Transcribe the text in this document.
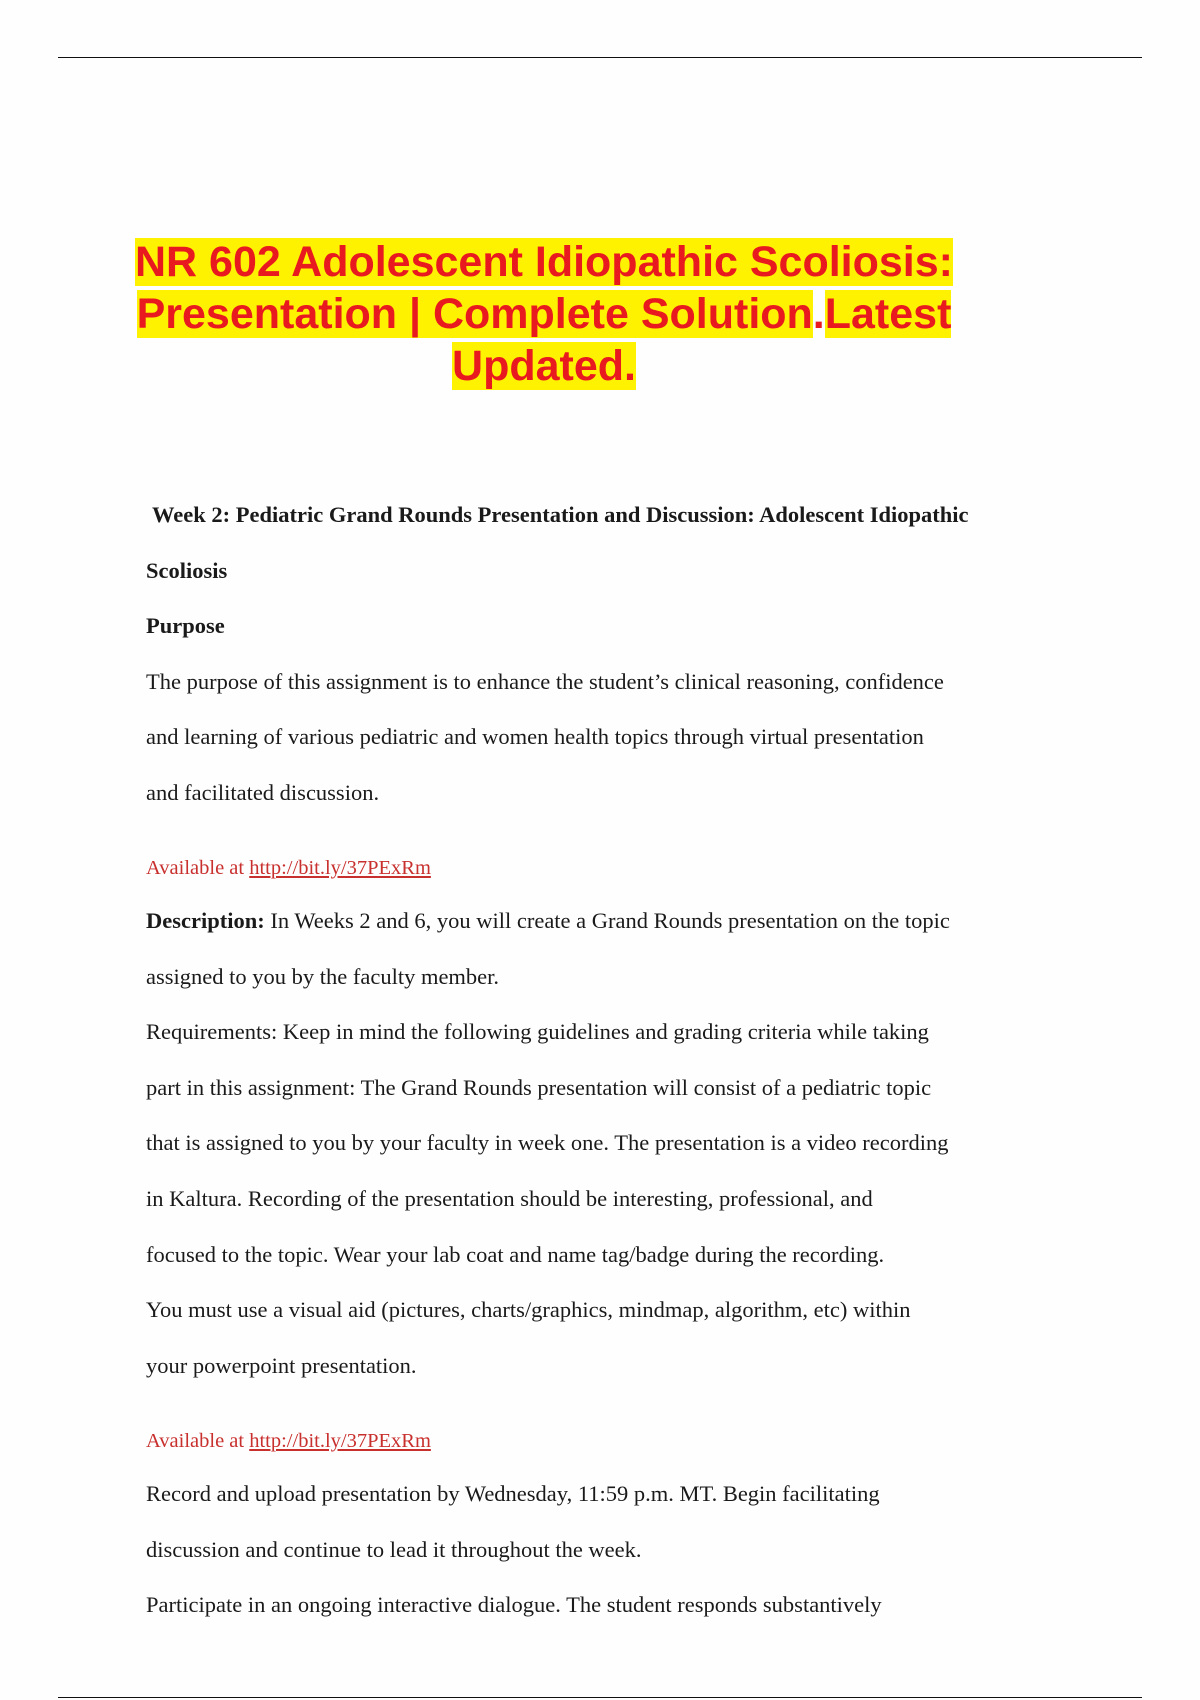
NR 602 Adolescent Idiopathic Scoliosis:
Presentation | Complete Solution.Latest
Updated.
Week 2: Pediatric Grand Rounds Presentation and Discussion: Adolescent Idiopathic
Scoliosis
Purpose
The purpose of this assignment is to enhance the student’s clinical reasoning, confidence
and learning of various pediatric and women health topics through virtual presentation
and facilitated discussion.
Available at http://bit.ly/37PExRm
Description: In Weeks 2 and 6, you will create a Grand Rounds presentation on the topic
assigned to you by the faculty member.
Requirements: Keep in mind the following guidelines and grading criteria while taking
part in this assignment: The Grand Rounds presentation will consist of a pediatric topic
that is assigned to you by your faculty in week one. The presentation is a video recording
in Kaltura. Recording of the presentation should be interesting, professional, and
focused to the topic. Wear your lab coat and name tag/badge during the recording.
You must use a visual aid (pictures, charts/graphics, mindmap, algorithm, etc) within
your powerpoint presentation.
Available at http://bit.ly/37PExRm
Record and upload presentation by Wednesday, 11:59 p.m. MT. Begin facilitating
discussion and continue to lead it throughout the week.
Participate in an ongoing interactive dialogue. The student responds substantively
